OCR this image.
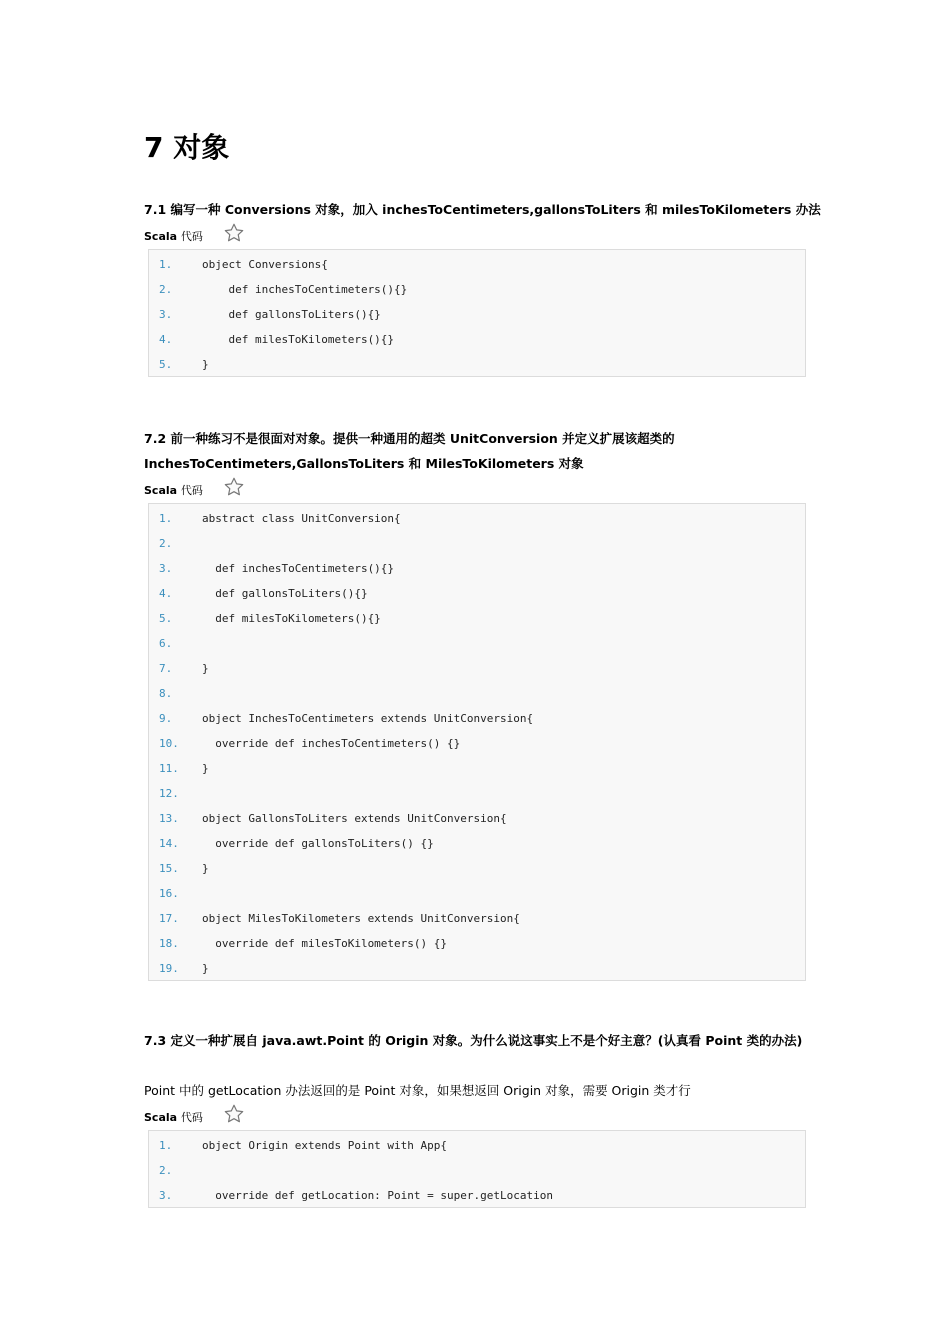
7 对象
7.1 编写一种 Conversions 对象，加入 inchesToCentimeters,gallonsToLiters 和 milesToKilometers 办法
Scala 代码
1.	object Conversions{
2.	def inchesToCentimeters(){}
3.	def gallonsToLiters(){}
4.	def milesToKilometers(){}
5.	}
7.2 前一种练习不是很面对对象。提供一种通用的超类 UnitConversion 并定义扩展该超类的
InchesToCentimeters,GallonsToLiters 和 MilesToKilometers 对象
Scala 代码
1.	abstract class UnitConversion{
2.
3.	def inchesToCentimeters(){}
4.	def gallonsToLiters(){}
5.	def milesToKilometers(){}
6.
7.	}
8.
9.	object InchesToCentimeters extends UnitConversion{
10. override def inchesToCentimeters() {}
11. }
12.
13. object GallonsToLiters extends UnitConversion{
14. override def gallonsToLiters() {}
15. }
16.
17. object MilesToKilometers extends UnitConversion{
18. override def milesToKilometers() {}
19. }
7.3 定义一种扩展自 java.awt.Point 的 Origin 对象。为什么说这事实上不是个好主意？(认真看 Point 类的办法)
Point 中的 getLocation 办法返回的是 Point 对象，如果想返回 Origin 对象，需要 Origin 类才行
Scala 代码
1.	object Origin extends Point with App{
2.
3.	override def getLocation: Point = super.getLocation
